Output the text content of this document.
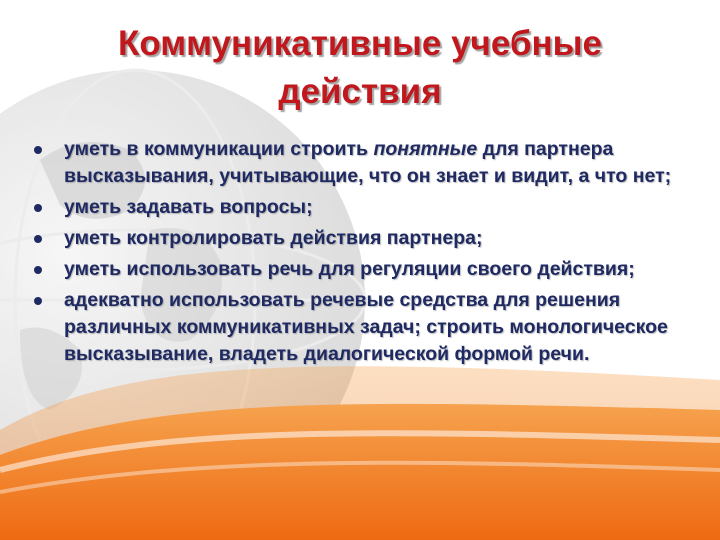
Коммуникативные учебные действия
уметь в коммуникации строить понятные для партнера высказывания, учитывающие, что он знает и видит, а что нет;
уметь задавать вопросы;
уметь контролировать действия партнера;
уметь использовать речь для регуляции своего действия;
адекватно использовать речевые средства для решения различных коммуникативных задач; строить монологическое высказывание, владеть диалогической формой речи.
